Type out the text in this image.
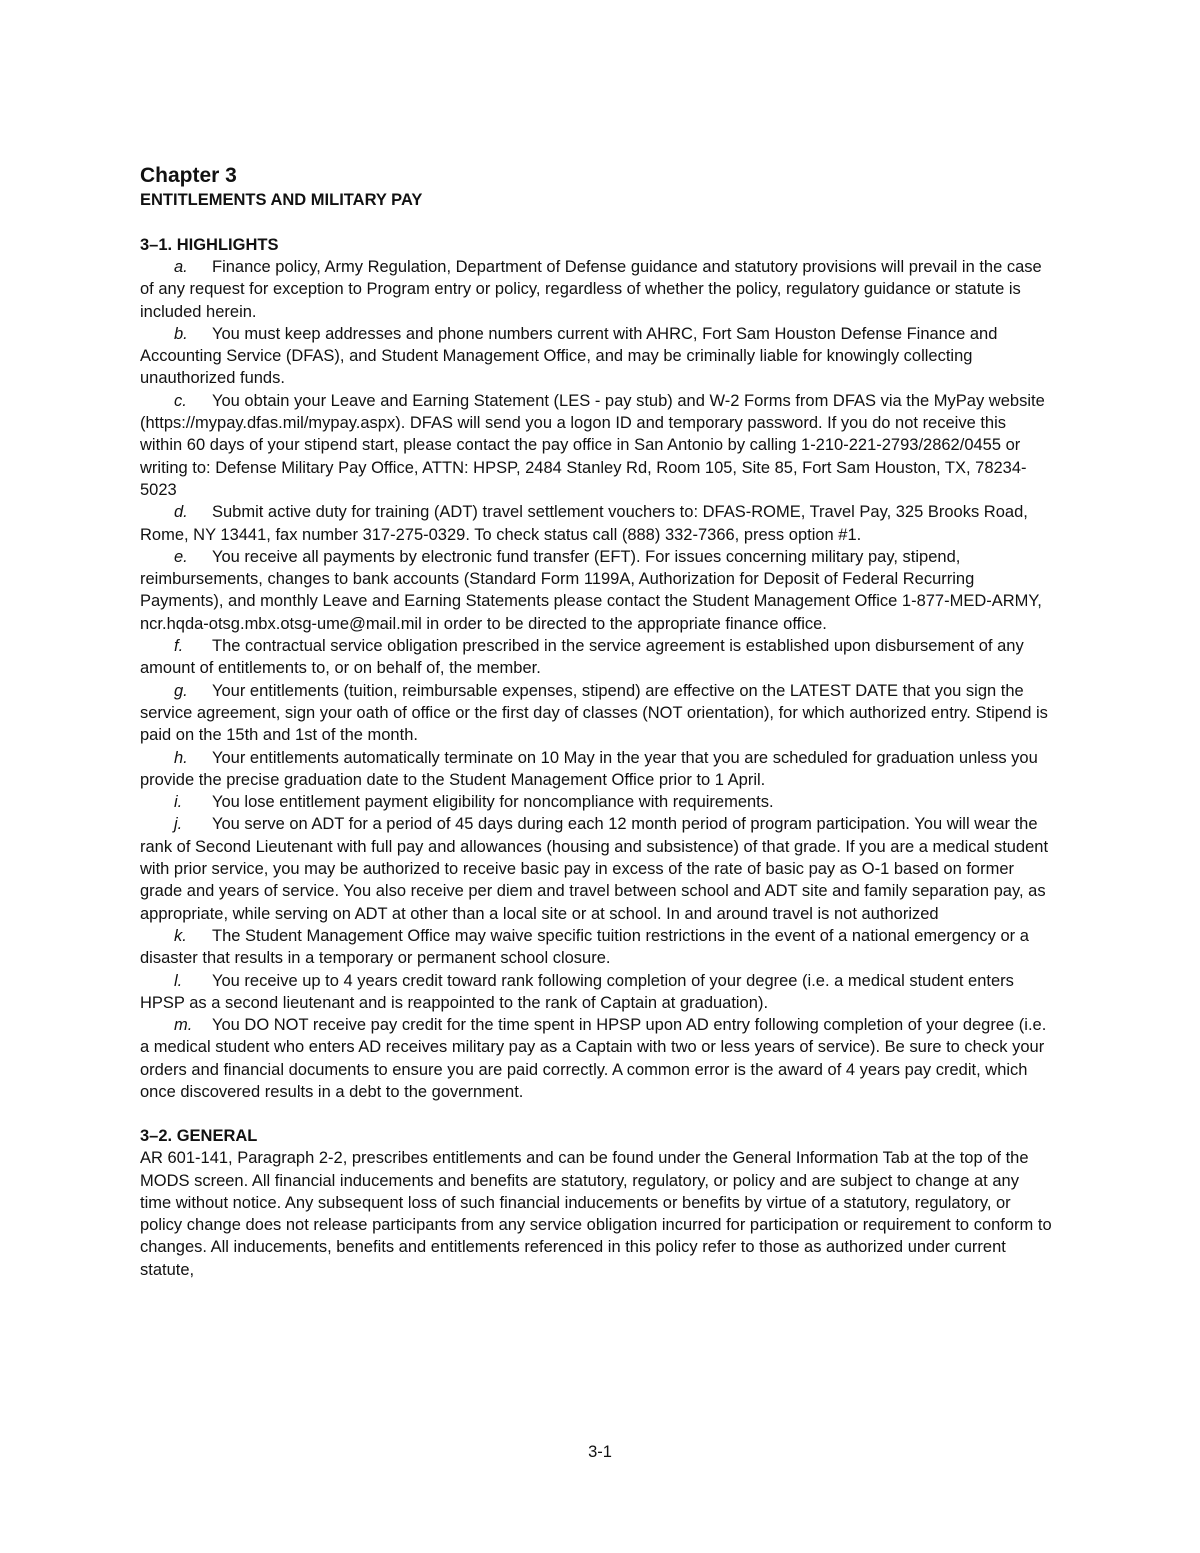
Chapter 3
ENTITLEMENTS AND MILITARY PAY
3–1. HIGHLIGHTS

a. Finance policy, Army Regulation, Department of Defense guidance and statutory provisions will prevail in the case of any request for exception to Program entry or policy, regardless of whether the policy, regulatory guidance or statute is included herein.

b. You must keep addresses and phone numbers current with AHRC, Fort Sam Houston Defense Finance and Accounting Service (DFAS), and Student Management Office, and may be criminally liable for knowingly collecting unauthorized funds.

c. You obtain your Leave and Earning Statement (LES - pay stub) and W-2 Forms from DFAS via the MyPay website (https://mypay.dfas.mil/mypay.aspx). DFAS will send you a logon ID and temporary password. If you do not receive this within 60 days of your stipend start, please contact the pay office in San Antonio by calling 1-210-221-2793/2862/0455 or writing to: Defense Military Pay Office, ATTN: HPSP, 2484 Stanley Rd, Room 105, Site 85, Fort Sam Houston, TX, 78234-5023

d. Submit active duty for training (ADT) travel settlement vouchers to: DFAS-ROME, Travel Pay, 325 Brooks Road, Rome, NY 13441, fax number 317-275-0329. To check status call (888) 332-7366, press option #1.

e. You receive all payments by electronic fund transfer (EFT). For issues concerning military pay, stipend, reimbursements, changes to bank accounts (Standard Form 1199A, Authorization for Deposit of Federal Recurring Payments), and monthly Leave and Earning Statements please contact the Student Management Office 1-877-MED-ARMY, ncr.hqda-otsg.mbx.otsg-ume@mail.mil in order to be directed to the appropriate finance office.

f. The contractual service obligation prescribed in the service agreement is established upon disbursement of any amount of entitlements to, or on behalf of, the member.

g. Your entitlements (tuition, reimbursable expenses, stipend) are effective on the LATEST DATE that you sign the service agreement, sign your oath of office or the first day of classes (NOT orientation), for which authorized entry. Stipend is paid on the 15th and 1st of the month.

h. Your entitlements automatically terminate on 10 May in the year that you are scheduled for graduation unless you provide the precise graduation date to the Student Management Office prior to 1 April.

i. You lose entitlement payment eligibility for noncompliance with requirements.

j. You serve on ADT for a period of 45 days during each 12 month period of program participation. You will wear the rank of Second Lieutenant with full pay and allowances (housing and subsistence) of that grade. If you are a medical student with prior service, you may be authorized to receive basic pay in excess of the rate of basic pay as O-1 based on former grade and years of service. You also receive per diem and travel between school and ADT site and family separation pay, as appropriate, while serving on ADT at other than a local site or at school. In and around travel is not authorized

k. The Student Management Office may waive specific tuition restrictions in the event of a national emergency or a disaster that results in a temporary or permanent school closure.

l. You receive up to 4 years credit toward rank following completion of your degree (i.e. a medical student enters HPSP as a second lieutenant and is reappointed to the rank of Captain at graduation).

m. You DO NOT receive pay credit for the time spent in HPSP upon AD entry following completion of your degree (i.e. a medical student who enters AD receives military pay as a Captain with two or less years of service). Be sure to check your orders and financial documents to ensure you are paid correctly. A common error is the award of 4 years pay credit, which once discovered results in a debt to the government.

3–2. GENERAL

AR 601-141, Paragraph 2-2, prescribes entitlements and can be found under the General Information Tab at the top of the MODS screen. All financial inducements and benefits are statutory, regulatory, or policy and are subject to change at any time without notice. Any subsequent loss of such financial inducements or benefits by virtue of a statutory, regulatory, or policy change does not release participants from any service obligation incurred for participation or requirement to conform to changes. All inducements, benefits and entitlements referenced in this policy refer to those as authorized under current statute,

3-1
